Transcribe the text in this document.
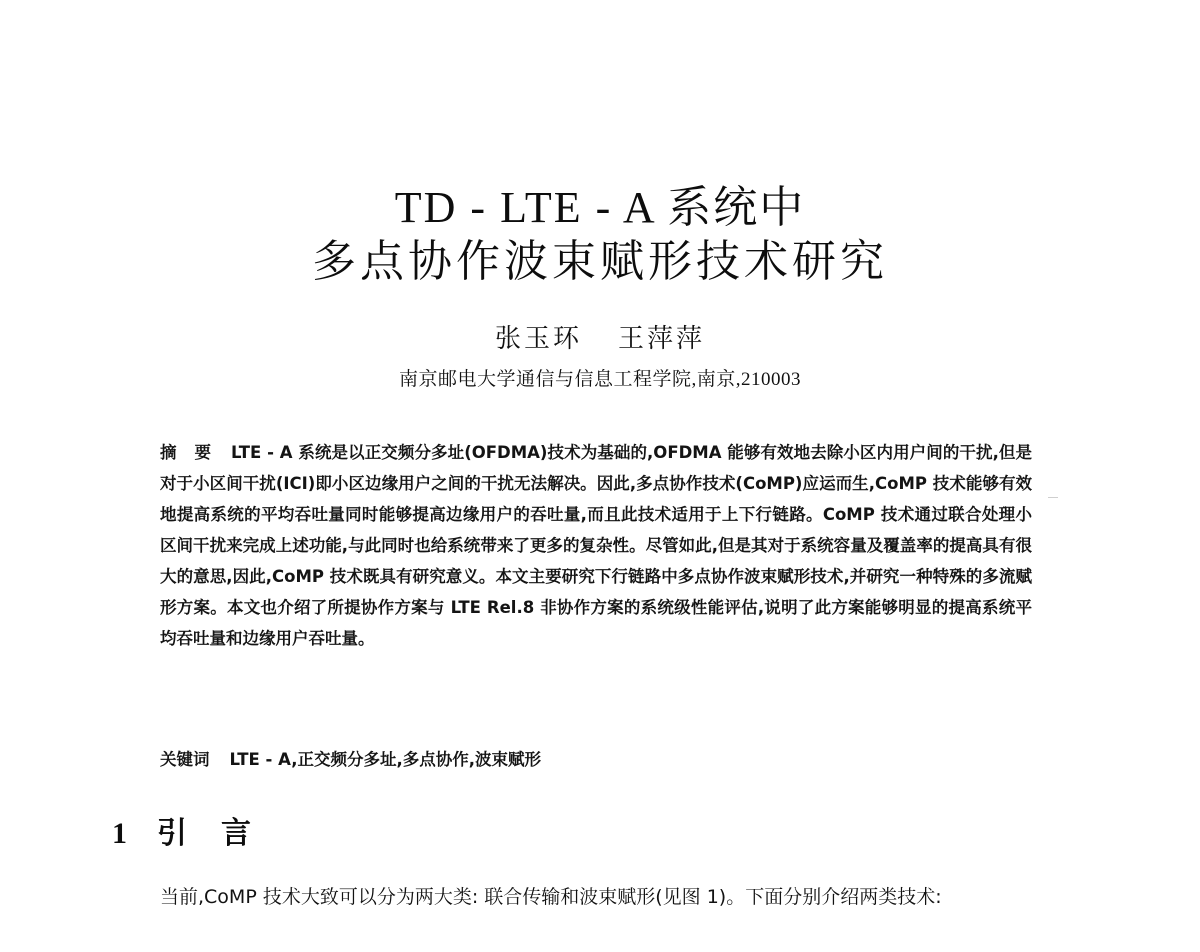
TD - LTE - A 系统中
多点协作波束赋形技术研究
张玉环 王萍萍
南京邮电大学通信与信息工程学院,南京,210003
摘要 LTE - A 系统是以正交频分多址(OFDMA)技术为基础的,OFDMA 能够有效地去除小区内用户间的干扰,但是对于小区间干扰(ICI)即小区边缘用户之间的干扰无法解决。因此,多点协作技术(CoMP)应运而生,CoMP 技术能够有效地提高系统的平均吞吐量同时能够提高边缘用户的吞吐量,而且此技术适用于上下行链路。CoMP 技术通过联合处理小区间干扰来完成上述功能,与此同时也给系统带来了更多的复杂性。尽管如此,但是其对于系统容量及覆盖率的提高具有很大的意思,因此,CoMP 技术既具有研究意义。本文主要研究下行链路中多点协作波束赋形技术,并研究一种特殊的多流赋形方案。本文也介绍了所提协作方案与 LTE Rel.8 非协作方案的系统级性能评估,说明了此方案能够明显的提高系统平均吞吐量和边缘用户吞吐量。
关键词 LTE - A,正交频分多址,多点协作,波束赋形
1 引言
当前,CoMP 技术大致可以分为两大类: 联合传输和波束赋形(见图 1)。下面分别介绍两类技术:
